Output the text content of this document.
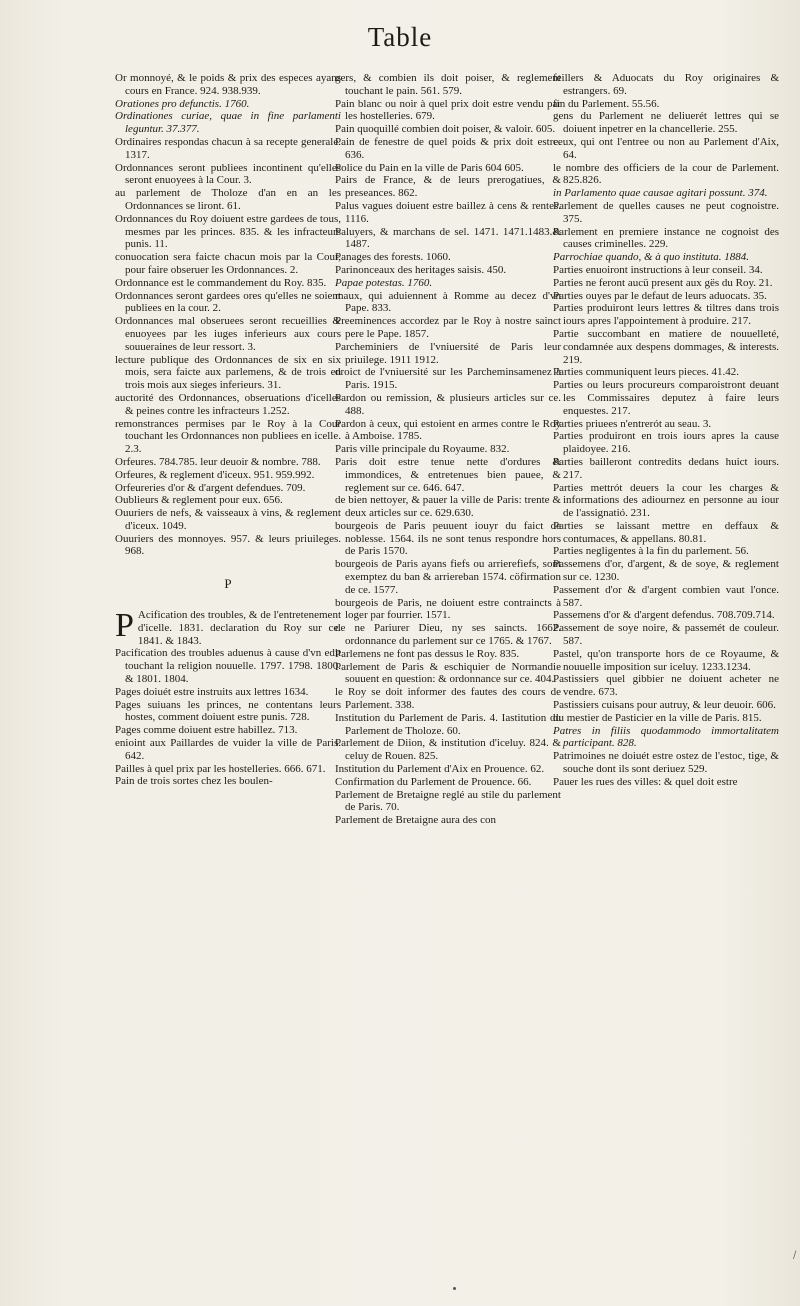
Table

Or monnoyé, & le poids & prix des especes ayans cours en France. 924. 938.939.

Orationes pro defunctis. 1760.

Ordinationes curiae, quae in fine parlamenti leguntur. 37.377.

Ordinaires respondas chacun à sa recepte generale. 1317.

Ordonnances seront publiees incontinent qu'elles seront enuoyees à la Cour. 3.

au parlement de Tholoze d'an en an les Ordonnances se liront. 61.

Ordonnances du Roy doiuent estre gardees de tous, mesmes par les princes. 835. & les infracteurs punis. 11.

conuocation sera faicte chacun mois par la Cour, pour faire obseruer les Ordonnances. 2.

Ordonnance est le commandement du Roy. 835.

Ordonnances seront gardees ores qu'elles ne soient publiees en la cour. 2.

Ordonnances mal obseruees seront recueillies & enuoyees par les iuges inferieurs aux cours souueraines de leur ressort. 3.

lecture publique des Ordonnances de six en six mois, sera faicte aux parlemens, & de trois en trois mois aux sieges inferieurs. 31.

auctorité des Ordonnances, obseruations d'icelles & peines contre les infracteurs 1.252.

remonstrances permises par le Roy à la Cour touchant les Ordonnances non publiees en icelle. 2.3.

Orfeures. 784.785. leur deuoir & nombre. 788.

Orfeures, & reglement d'iceux. 951. 959.992.

Orfeureries d'or & d'argent defendues. 709.

Oublieurs & reglement pour eux. 656.

Ouuriers de nefs, & vaisseaux à vins, & reglement d'iceux. 1049.

Ouuriers des monnoyes. 957. & leurs priuileges. 968.

P

P Acification des troubles, & de l'entretenement d'icelle. 1831. declaration du Roy sur ce. 1841. & 1843.

Pacification des troubles aduenus à cause d'vn edit touchant la religion nouuelle. 1797. 1798. 1800. & 1801. 1804.

Pages doiuét estre instruits aux lettres 1634.

Pages suiuans les princes, ne contentans leurs hostes, comment doiuent estre punis. 728.

Pages comme doiuent estre habillez. 713.

enioint aux Paillardes de vuider la ville de Paris. 642.

Pailles à quel prix par les hostelleries. 666. 671.

Pain de trois sortes chez les boulen-

gers, & combien ils doit poiser, & reglement touchant le pain. 561. 579.

Pain blanc ou noir à quel prix doit estre vendu par les hostelleries. 679.

Pain quoquillé combien doit poiser, & valoir. 605.

Pain de fenestre de quel poids & prix doit estre. 636.

Police du Pain en la ville de Paris 604 605.

Pairs de France, & de leurs prerogatiues, & preseances. 862.

Palus vagues doiuent estre baillez à cens & rentes. 1116.

Paluyers, & marchans de sel. 1471. 1471.1483.& 1487.

Panages des forests. 1060.

Parinonceaux des heritages saisis. 450.

Papae potestas. 1760.

maux, qui aduiennent à Romme au decez d'vn Pape. 833.

Preeminences accordez par le Roy à nostre sainct pere le Pape. 1857.

Parcheminiers de l'vniuersité de Paris leur priuilege. 1911 1912.

droict de l'vniuersité sur les Parcheminsamenez à Paris. 1915.

Pardon ou remission, & plusieurs articles sur ce. 488.

Pardon à ceux, qui estoient en armes contre le Roy à Amboise. 1785.

Paris ville principale du Royaume. 832.

Paris doit estre tenue nette d'ordures & immondices, & entretenues bien pauee, & reglement sur ce. 646. 647.

de bien nettoyer, & pauer la ville de Paris: trente & deux articles sur ce. 629.630.

bourgeois de Paris peuuent iouyr du faict de noblesse. 1564. ils ne sont tenus respondre hors de Paris 1570.

bourgeois de Paris ayans fiefs ou arrierefiefs, sont exemptez du ban & arriereban 1574. cöfirmation de ce. 1577.

bourgeois de Paris, ne doiuent estre contraincts à loger par fourrier. 1571.

de ne Pariurer Dieu, ny ses saincts. 1662. ordonnance du parlement sur ce 1765. & 1767.

Parlemens ne font pas dessus le Roy. 835.

Parlement de Paris & eschiquier de Normandie souuent en question: & ordonnance sur ce. 404.

le Roy se doit informer des fautes des cours de Parlement. 338.

Institution du Parlement de Paris. 4. Iastitution du Parlement de Tholoze. 60.

Parlement de Diion, & institution d'iceluy. 824. & celuy de Rouen. 825.

Institution du Parlement d'Aix en Prouence. 62.

Confirmation du Parlement de Prouence. 66.

Parlement de Bretaigne reglé au stile du parlement de Paris. 70.

Parlement de Bretaigne aura des con

feillers & Aduocats du Roy originaires & estrangers. 69.

fin du Parlement. 55.56.

gens du Parlement ne deliuerét lettres qui se doiuent inpetrer en la chancellerie. 255.

ceux, qui ont l'entree ou non au Parlement d'Aix, 64.

le nombre des officiers de la cour de Parlement. 825.826.

in Parlamento quae causae agitari possunt. 374.

Parlement de quelles causes ne peut cognoistre. 375.

Parlement en premiere instance ne cognoist des causes criminelles. 229.

Parrochiae quando, & à quo instituta. 1884.

Parties enuoiront instructions à leur conseil. 34.

Parties ne feront aucü present aux gës du Roy. 21.

Parties ouyes par le defaut de leurs aduocats. 35.

Parties produiront leurs lettres & tiltres dans trois iours apres l'appointement à produire. 217.

Partie succombant en matiere de nouuelleté, condamnée aux despens dommages, & interests. 219.

Parties communiquent leurs pieces. 41.42.

Parties ou leurs procureurs comparoistront deuant les Commissaires deputez à faire leurs enquestes. 217.

Parties priuees n'entrerót au seau. 3.

Parties produiront en trois iours apres la cause plaidoyee. 216.

Parties bailleront contredits dedans huict iours. 217.

Parties mettrót deuers la cour les charges & informations des adiournez en personne au iour de l'assignatió. 231.

Parties se laissant mettre en deffaux & contumaces, & appellans. 80.81.

Parties negligentes à la fin du parlement. 56.

Passemens d'or, d'argent, & de soye, & reglement sur ce. 1230.

Passement d'or & d'argent combien vaut l'once. 587.

Passemens d'or & d'argent defendus. 708.709.714.

Passement de soye noire, & passemét de couleur. 587.

Pastel, qu'on transporte hors de ce Royaume, & nouuelle imposition sur iceluy. 1233.1234.

Pastissiers quel gibbier ne doiuent acheter ne vendre. 673.

Pastissiers cuisans pour autruy, & leur deuoir. 606.

du mestier de Pasticier en la ville de Paris. 815.

Patres in filiis quodammodo immortalitatem participant. 828.

Patrimoines ne doiuét estre ostez de l'estoc, tige, & souche dont ils sont deriuez 529.

Pauer les rues des villes: & quel doit estre

/
